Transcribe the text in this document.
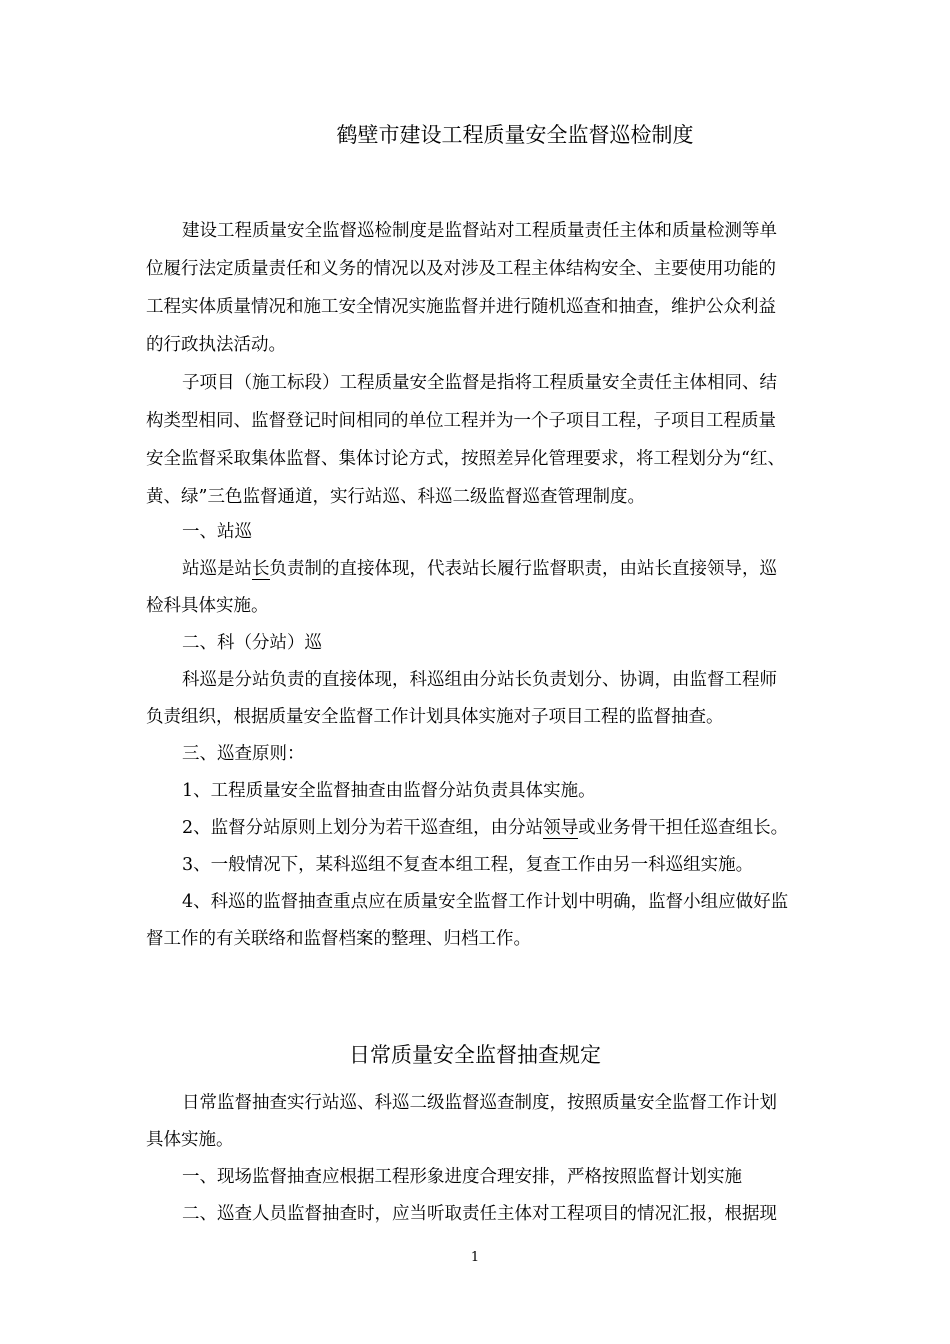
鹤壁市建设工程质量安全监督巡检制度
建设工程质量安全监督巡检制度是监督站对工程质量责任主体和质量检测等单
位履行法定质量责任和义务的情况以及对涉及工程主体结构安全、主要使用功能的
工程实体质量情况和施工安全情况实施监督并进行随机巡查和抽查，维护公众利益
的行政执法活动。
子项目（施工标段）工程质量安全监督是指将工程质量安全责任主体相同、结
构类型相同、监督登记时间相同的单位工程并为一个子项目工程，子项目工程质量
安全监督采取集体监督、集体讨论方式，按照差异化管理要求，将工程划分为“红、
黄、绿”三色监督通道，实行站巡、科巡二级监督巡查管理制度。
一、站巡
站巡是站长负责制的直接体现，代表站长履行监督职责，由站长直接领导，巡
检科具体实施。
二、科（分站）巡
科巡是分站负责的直接体现，科巡组由分站长负责划分、协调，由监督工程师
负责组织，根据质量安全监督工作计划具体实施对子项目工程的监督抽查。
三、巡查原则：
1、工程质量安全监督抽查由监督分站负责具体实施。
2、监督分站原则上划分为若干巡查组，由分站领导或业务骨干担任巡查组长。
3、一般情况下，某科巡组不复查本组工程，复查工作由另一科巡组实施。
4、科巡的监督抽查重点应在质量安全监督工作计划中明确，监督小组应做好监
督工作的有关联络和监督档案的整理、归档工作。
日常质量安全监督抽查规定
日常监督抽查实行站巡、科巡二级监督巡查制度，按照质量安全监督工作计划
具体实施。
一、现场监督抽查应根据工程形象进度合理安排，严格按照监督计划实施
二、巡查人员监督抽查时，应当听取责任主体对工程项目的情况汇报，根据现
1
